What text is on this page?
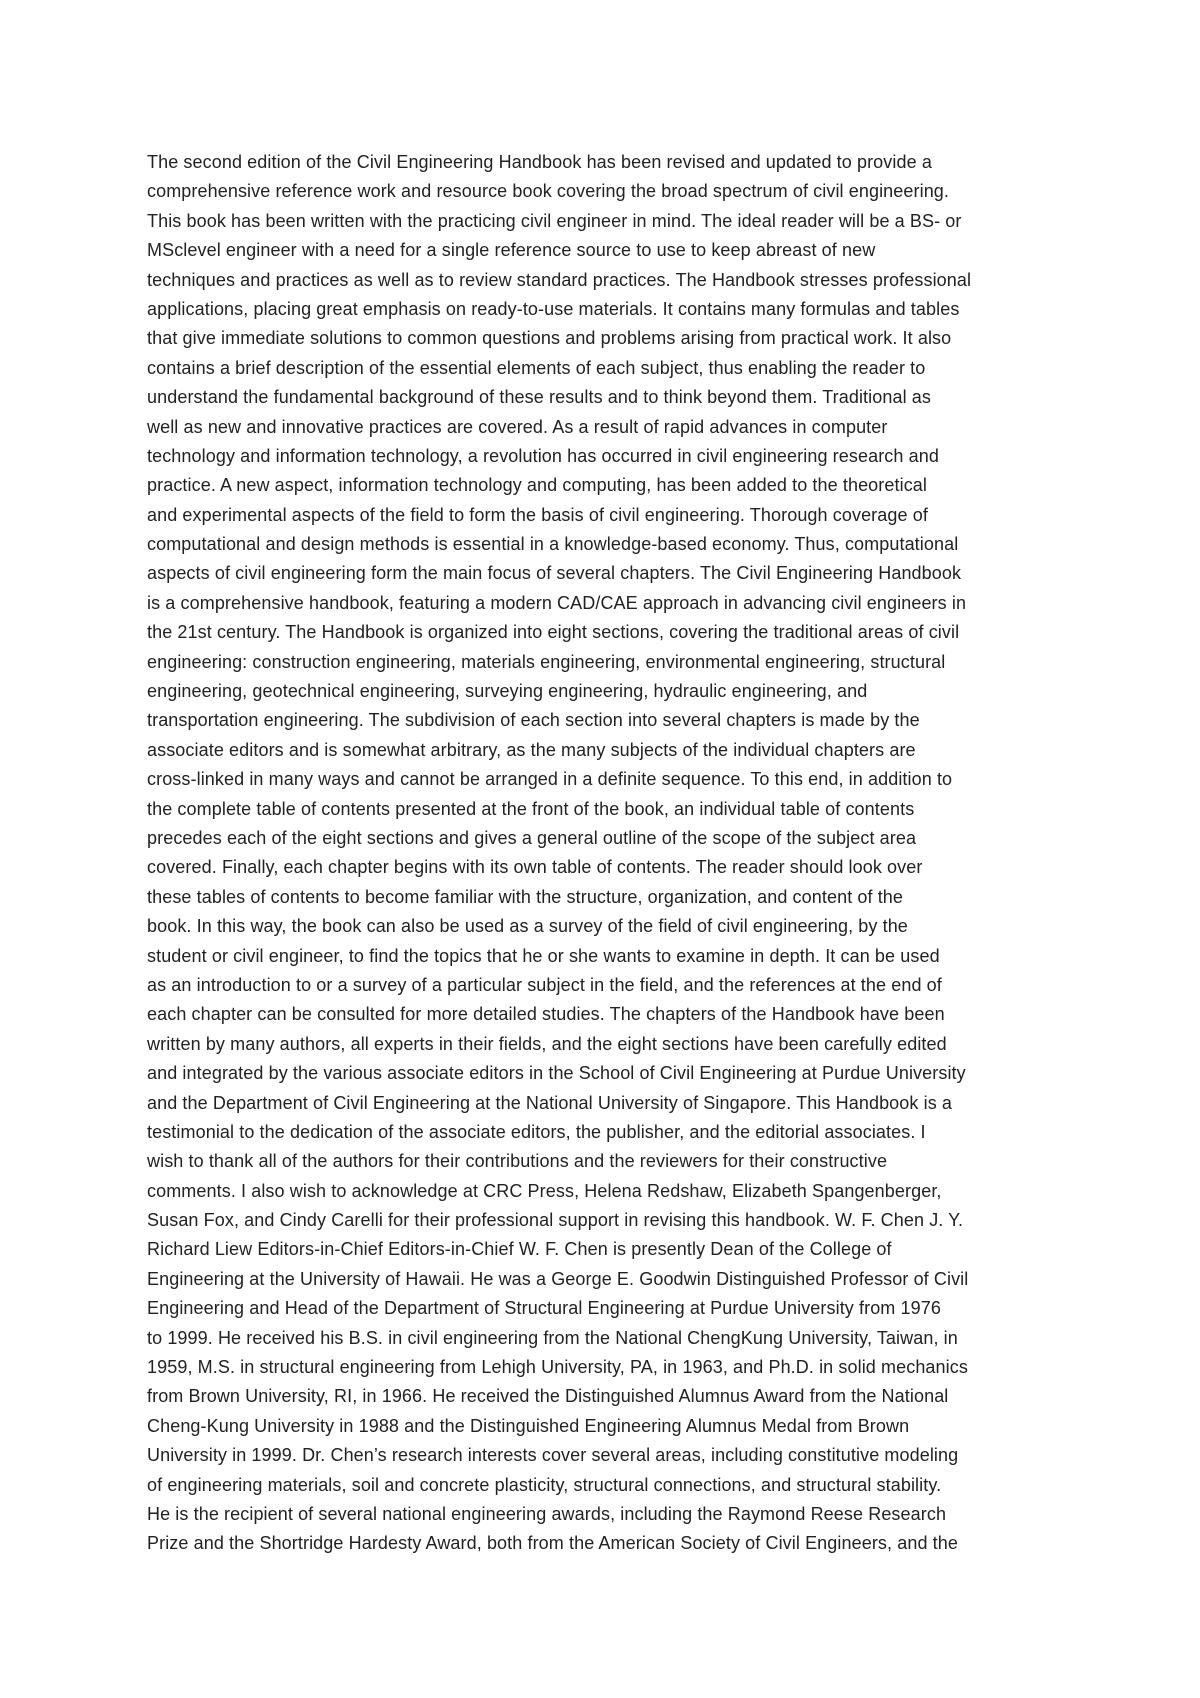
The second edition of the Civil Engineering Handbook has been revised and updated to provide a
comprehensive reference work and resource book covering the broad spectrum of civil engineering.
This book has been written with the practicing civil engineer in mind. The ideal reader will be a BS- or
MSclevel engineer with a need for a single reference source to use to keep abreast of new
techniques and practices as well as to review standard practices. The Handbook stresses professional
applications, placing great emphasis on ready-to-use materials. It contains many formulas and tables
that give immediate solutions to common questions and problems arising from practical work. It also
contains a brief description of the essential elements of each subject, thus enabling the reader to
understand the fundamental background of these results and to think beyond them. Traditional as
well as new and innovative practices are covered. As a result of rapid advances in computer
technology and information technology, a revolution has occurred in civil engineering research and
practice. A new aspect, information technology and computing, has been added to the theoretical
and experimental aspects of the field to form the basis of civil engineering. Thorough coverage of
computational and design methods is essential in a knowledge-based economy. Thus, computational
aspects of civil engineering form the main focus of several chapters. The Civil Engineering Handbook
is a comprehensive handbook, featuring a modern CAD/CAE approach in advancing civil engineers in
the 21st century. The Handbook is organized into eight sections, covering the traditional areas of civil
engineering: construction engineering, materials engineering, environmental engineering, structural
engineering, geotechnical engineering, surveying engineering, hydraulic engineering, and
transportation engineering. The subdivision of each section into several chapters is made by the
associate editors and is somewhat arbitrary, as the many subjects of the individual chapters are
cross-linked in many ways and cannot be arranged in a definite sequence. To this end, in addition to
the complete table of contents presented at the front of the book, an individual table of contents
precedes each of the eight sections and gives a general outline of the scope of the subject area
covered. Finally, each chapter begins with its own table of contents. The reader should look over
these tables of contents to become familiar with the structure, organization, and content of the
book. In this way, the book can also be used as a survey of the field of civil engineering, by the
student or civil engineer, to find the topics that he or she wants to examine in depth. It can be used
as an introduction to or a survey of a particular subject in the field, and the references at the end of
each chapter can be consulted for more detailed studies. The chapters of the Handbook have been
written by many authors, all experts in their fields, and the eight sections have been carefully edited
and integrated by the various associate editors in the School of Civil Engineering at Purdue University
and the Department of Civil Engineering at the National University of Singapore. This Handbook is a
testimonial to the dedication of the associate editors, the publisher, and the editorial associates. I
wish to thank all of the authors for their contributions and the reviewers for their constructive
comments. I also wish to acknowledge at CRC Press, Helena Redshaw, Elizabeth Spangenberger,
Susan Fox, and Cindy Carelli for their professional support in revising this handbook. W. F. Chen J. Y.
Richard Liew Editors-in-Chief Editors-in-Chief W. F. Chen is presently Dean of the College of
Engineering at the University of Hawaii. He was a George E. Goodwin Distinguished Professor of Civil
Engineering and Head of the Department of Structural Engineering at Purdue University from 1976
to 1999. He received his B.S. in civil engineering from the National ChengKung University, Taiwan, in
1959, M.S. in structural engineering from Lehigh University, PA, in 1963, and Ph.D. in solid mechanics
from Brown University, RI, in 1966. He received the Distinguished Alumnus Award from the National
Cheng-Kung University in 1988 and the Distinguished Engineering Alumnus Medal from Brown
University in 1999. Dr. Chen’s research interests cover several areas, including constitutive modeling
of engineering materials, soil and concrete plasticity, structural connections, and structural stability.
He is the recipient of several national engineering awards, including the Raymond Reese Research
Prize and the Shortridge Hardesty Award, both from the American Society of Civil Engineers, and the
